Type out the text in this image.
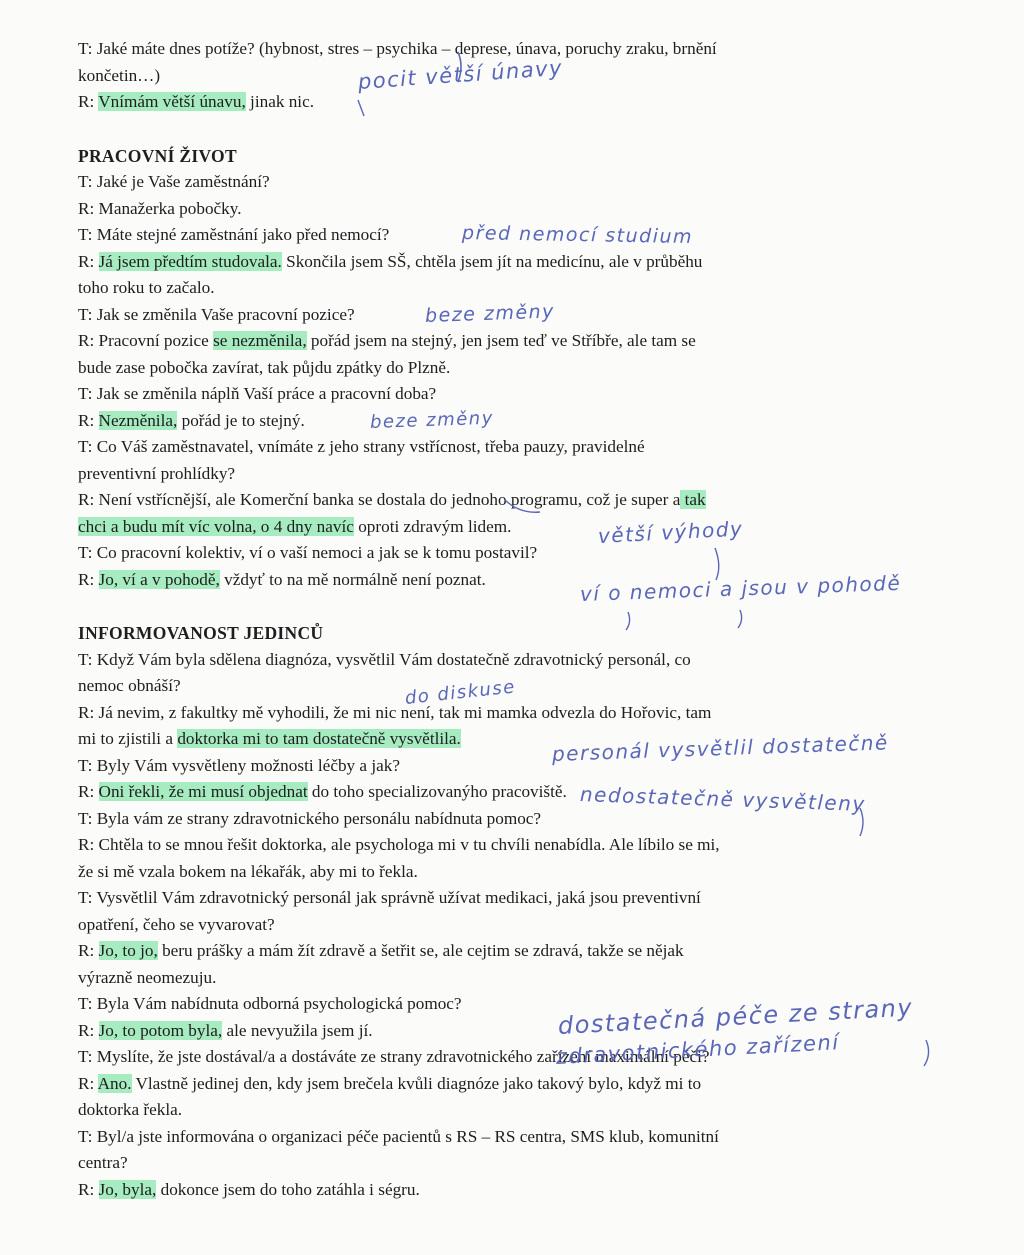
T: Jaké máte dnes potíže? (hybnost, stres – psychika – deprese, únava, poruchy zraku, brnění
končetin…)
R: Vnímám větší únavu, jinak nic.
PRACOVNÍ ŽIVOT
T: Jaké je Vaše zaměstnání?
R: Manažerka pobočky.
T: Máte stejné zaměstnání jako před nemocí?
R: Já jsem předtím studovala. Skončila jsem SŠ, chtěla jsem jít na medicínu, ale v průběhu
toho roku to začalo.
T: Jak se změnila Vaše pracovní pozice?
R: Pracovní pozice se nezměnila, pořád jsem na stejný, jen jsem teď ve Stříbře, ale tam se
bude zase pobočka zavírat, tak půjdu zpátky do Plzně.
T: Jak se změnila náplň Vaší práce a pracovní doba?
R: Nezměnila, pořád je to stejný.
T: Co Váš zaměstnavatel, vnímáte z jeho strany vstřícnost, třeba pauzy, pravidelné
preventivní prohlídky?
R: Není vstřícnější, ale Komerční banka se dostala do jednoho programu, což je super a tak
chci a budu mít víc volna, o 4 dny navíc oproti zdravým lidem.
T: Co pracovní kolektiv, ví o vaší nemoci a jak se k tomu postavil?
R: Jo, ví a v pohodě, vždyť to na mě normálně není poznat.
INFORMOVANOST JEDINCŮ
T: Když Vám byla sdělena diagnóza, vysvětlil Vám dostatečně zdravotnický personál, co
nemoc obnáší?
R: Já nevim, z fakultky mě vyhodili, že mi nic není, tak mi mamka odvezla do Hořovic, tam
mi to zjistili a doktorka mi to tam dostatečně vysvětlila.
T: Byly Vám vysvětleny možnosti léčby a jak?
R: Oni řekli, že mi musí objednat do toho specializovanýho pracoviště.
T: Byla vám ze strany zdravotnického personálu nabídnuta pomoc?
R: Chtěla to se mnou řešit doktorka, ale psychologa mi v tu chvíli nenabídla. Ale líbilo se mi,
že si mě vzala bokem na lékařák, aby mi to řekla.
T: Vysvětlil Vám zdravotnický personál jak správně užívat medikaci, jaká jsou preventivní
opatření, čeho se vyvarovat?
R: Jo, to jo, beru prášky a mám žít zdravě a šetřit se, ale cejtim se zdravá, takže se nějak
výrazně neomezuju.
T: Byla Vám nabídnuta odborná psychologická pomoc?
R: Jo, to potom byla, ale nevyužila jsem jí.
T: Myslíte, že jste dostával/a a dostáváte ze strany zdravotnického zařízení maximální péči?
R: Ano. Vlastně jedinej den, kdy jsem brečela kvůli diagnóze jako takový bylo, když mi to
doktorka řekla.
T: Byl/a jste informována o organizaci péče pacientů s RS – RS centra, SMS klub, komunitní
centra?
R: Jo, byla, dokonce jsem do toho zatáhla i ségru.
pocit větší únavy
před nemocí studium
beze změny
beze změny
větší výhody
ví o nemoci a jsou v pohodě
do diskuse
personál vysvětlil dostatečně
nedostatečně vysvětleny
dostatečná péče ze strany
zdravotnického zařízení
